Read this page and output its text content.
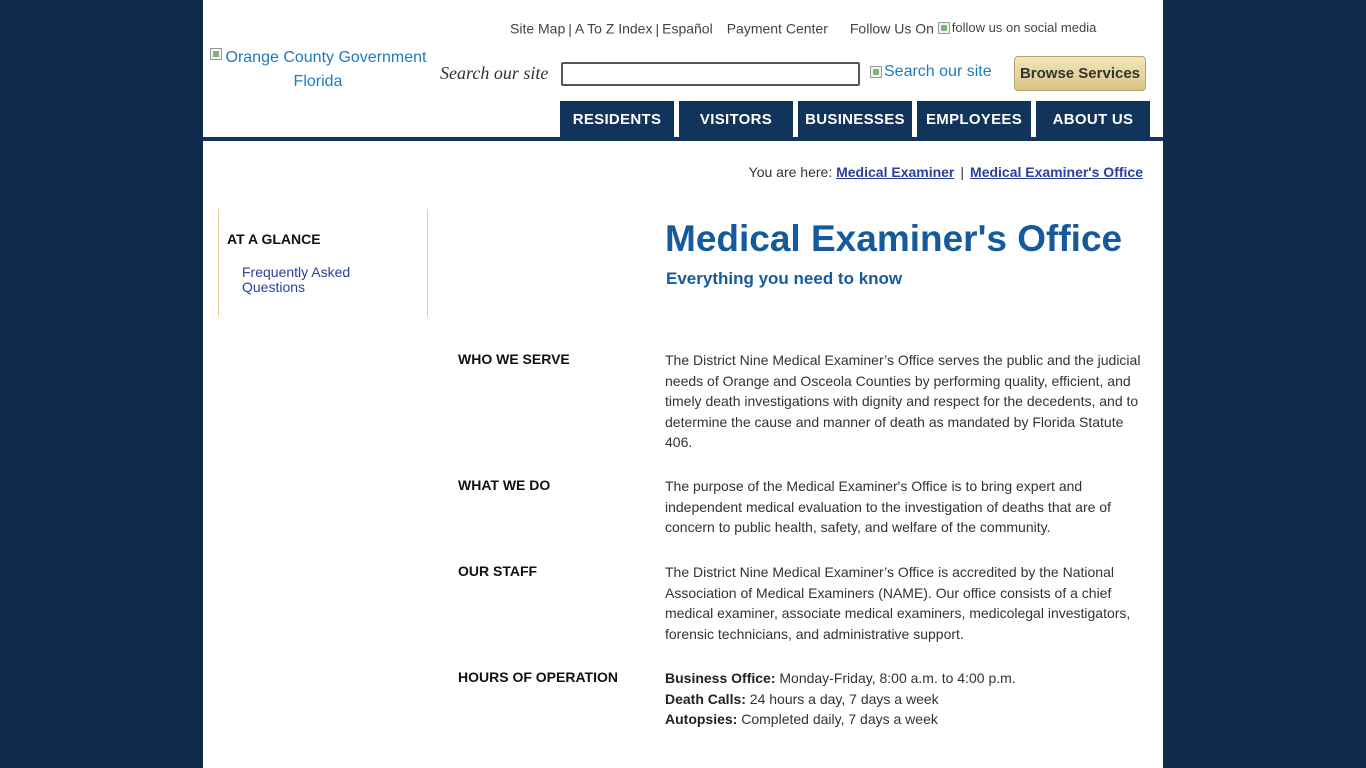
Site Map | A To Z Index | Español Payment Center Follow Us On follow us on social media
Orange County Government
Florida	Search our site	Search our site	Browse Services
RESIDENTS	VISITORS	BUSINESSES	EMPLOYEES	ABOUT US
You are here: Medical Examiner | Medical Examiner's Office
AT A GLANCE
Frequently Asked Questions
Medical Examiner's Office
Everything you need to know
WHO WE SERVE	The District Nine Medical Examiner’s Office serves the public and the judicial needs of Orange and Osceola Counties by performing quality, efficient, and timely death investigations with dignity and respect for the decedents, and to determine the cause and manner of death as mandated by Florida Statute 406.
WHAT WE DO	The purpose of the Medical Examiner's Office is to bring expert and independent medical evaluation to the investigation of deaths that are of concern to public health, safety, and welfare of the community.
OUR STAFF	The District Nine Medical Examiner’s Office is accredited by the National Association of Medical Examiners (NAME). Our office consists of a chief medical examiner, associate medical examiners, medicolegal investigators, forensic technicians, and administrative support.
HOURS OF OPERATION	Business Office: Monday-Friday, 8:00 a.m. to 4:00 p.m.
Death Calls: 24 hours a day, 7 days a week
Autopsies: Completed daily, 7 days a week
